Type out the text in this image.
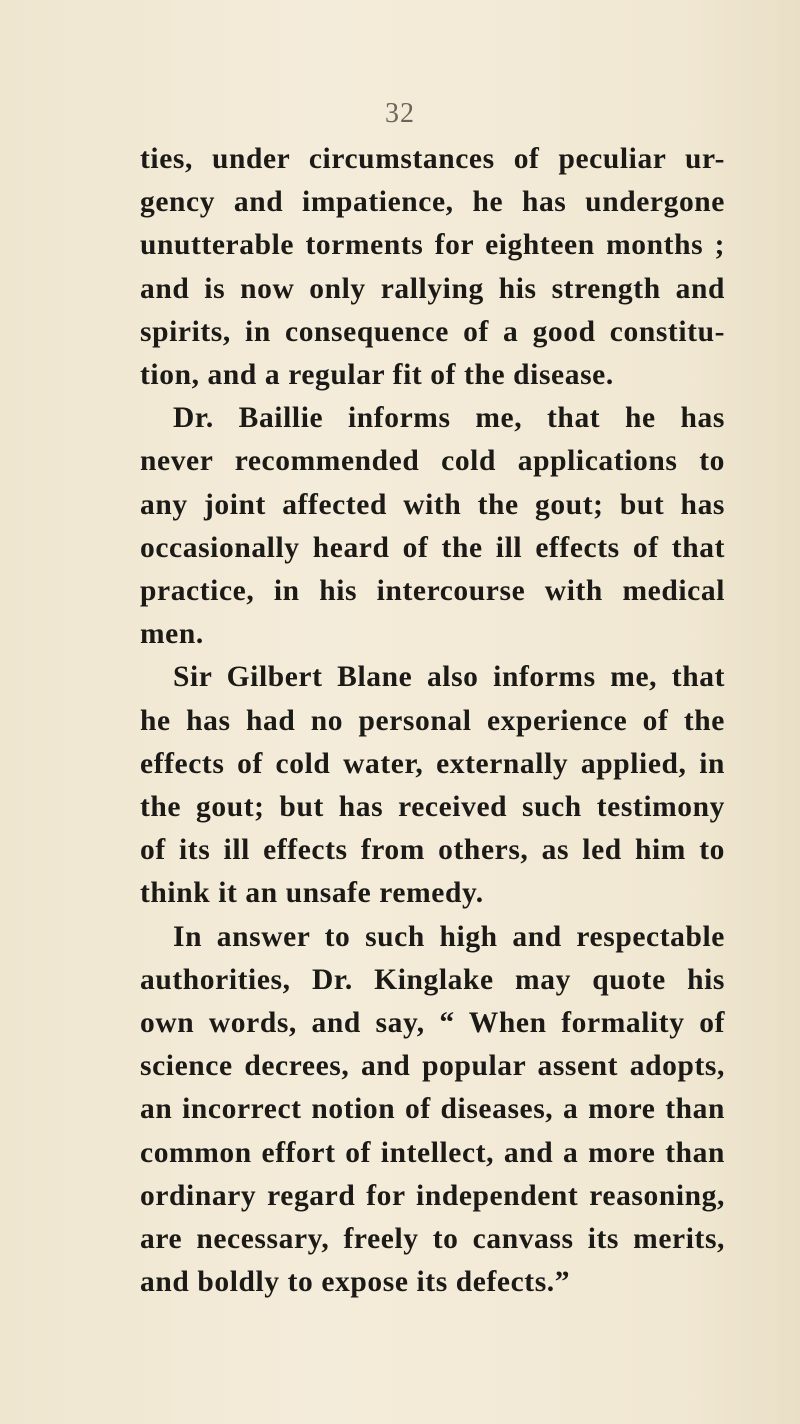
32
ties, under circumstances of peculiar ur-
gency and impatience, he has undergone
unutterable torments for eighteen months ;
and is now only rallying his strength and
spirits, in consequence of a good constitu-
tion, and a regular fit of the disease.
Dr. Baillie informs me, that he has
never recommended cold applications to
any joint affected with the gout; but has
occasionally heard of the ill effects of that
practice, in his intercourse with medical
men.
Sir Gilbert Blane also informs me, that
he has had no personal experience of the
effects of cold water, externally applied, in
the gout; but has received such testimony
of its ill effects from others, as led him to
think it an unsafe remedy.
In answer to such high and respectable
authorities, Dr. Kinglake may quote his
own words, and say, “ When formality of
science decrees, and popular assent adopts,
an incorrect notion of diseases, a more than
common effort of intellect, and a more than
ordinary regard for independent reasoning,
are necessary, freely to canvass its merits,
and boldly to expose its defects.”
